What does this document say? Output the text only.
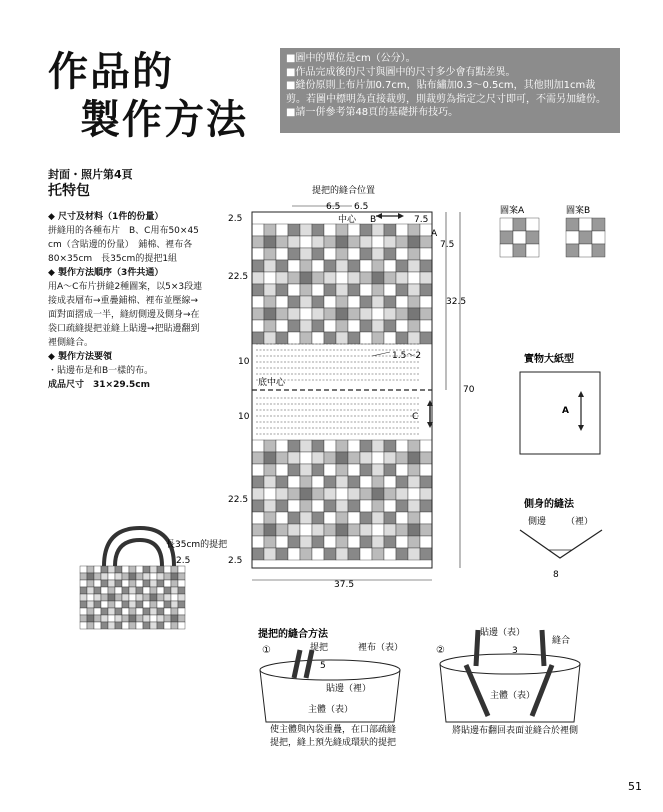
作品的
製作方法
■圖中的單位是cm（公分）。
■作品完成後的尺寸與圖中的尺寸多少會有點差異。
■縫份原則上布片加0.7cm，貼布繡加0.3～0.5cm，其他則加1cm裁剪。若圖中標明為直接裁剪，則裁剪為指定之尺寸即可，不需另加縫份。
■請一併參考第48頁的基礎拼布技巧。
封面・照片第4頁
托特包
◆ 尺寸及材料（1件的份量）
拼縫用的各種布片　B、C用布50×45
cm（含貼邊的份量）　鋪棉、裡布各
80×35cm　長35cm的提把1組
◆ 製作方法順序（3件共通）
用A～C布片拼縫2種圖案，以5×3段連
接成表層布→重疊鋪棉、裡布並壓線→
面對面摺成一半，縫紉側邊及側身→在
袋口疏縫提把並縫上貼邊→把貼邊翻到
裡側縫合。
◆ 製作方法要領
・貼邊布是和B一樣的布。
成品尺寸　31×29.5cm
提把的縫合位置
6.5 6.5
中心 B	7.5
A
7.5
32.5
70
2.5
22.5
10
底中心
10	C
1.5～2
22.5
2.5
37.5
圖案A	圖案B
實物大紙型
A
側身的縫法
側邊 （裡）
8
長35cm的提把
2.5
提把的縫合方法
①	提把	裡布（表）
5
貼邊（裡）
主體（表）
使主體與內袋重疊，在口部疏縫
提把，縫上預先縫成環狀的提把
②
貼邊（表）
縫合
3
主體（表）
將貼邊布翻回表面並縫合於裡側
51
